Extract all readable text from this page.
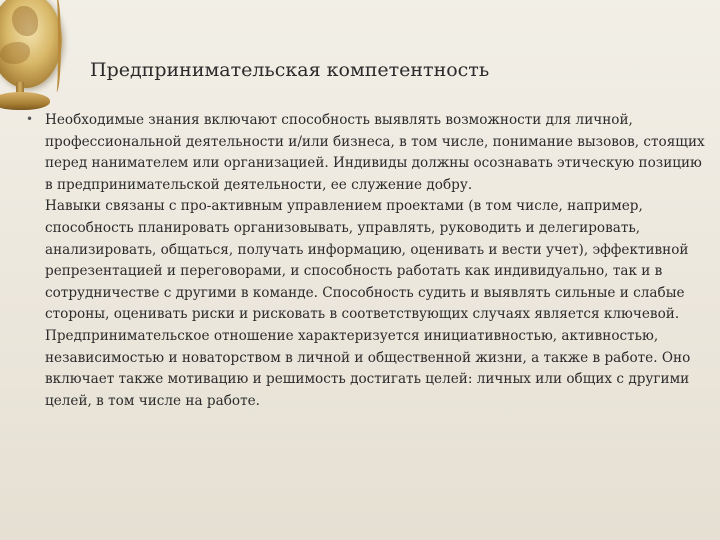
Предпринимательская компетентность
• Необходимые знания включают способность выявлять возможности для личной, профессиональной деятельности и/или бизнеса, в том числе, понимание вызовов, стоящих перед нанимателем или организацией. Индивиды должны осознавать этическую позицию в предпринимательской деятельности, ее служение добру.

Навыки связаны с про-активным управлением проектами (в том числе, например, способность планировать организовывать, управлять, руководить и делегировать, анализировать, общаться, получать информацию, оценивать и вести учет), эффективной репрезентацией и переговорами, и способность работать как индивидуально, так и в сотрудничестве с другими в команде. Способность судить и выявлять сильные и слабые стороны, оценивать риски и рисковать в соответствующих случаях является ключевой.

Предпринимательское отношение характеризуется инициативностью, активностью, независимостью и новаторством в личной и общественной жизни, а также в работе. Оно включает также мотивацию и решимость достигать целей: личных или общих с другими целей, в том числе на работе.
